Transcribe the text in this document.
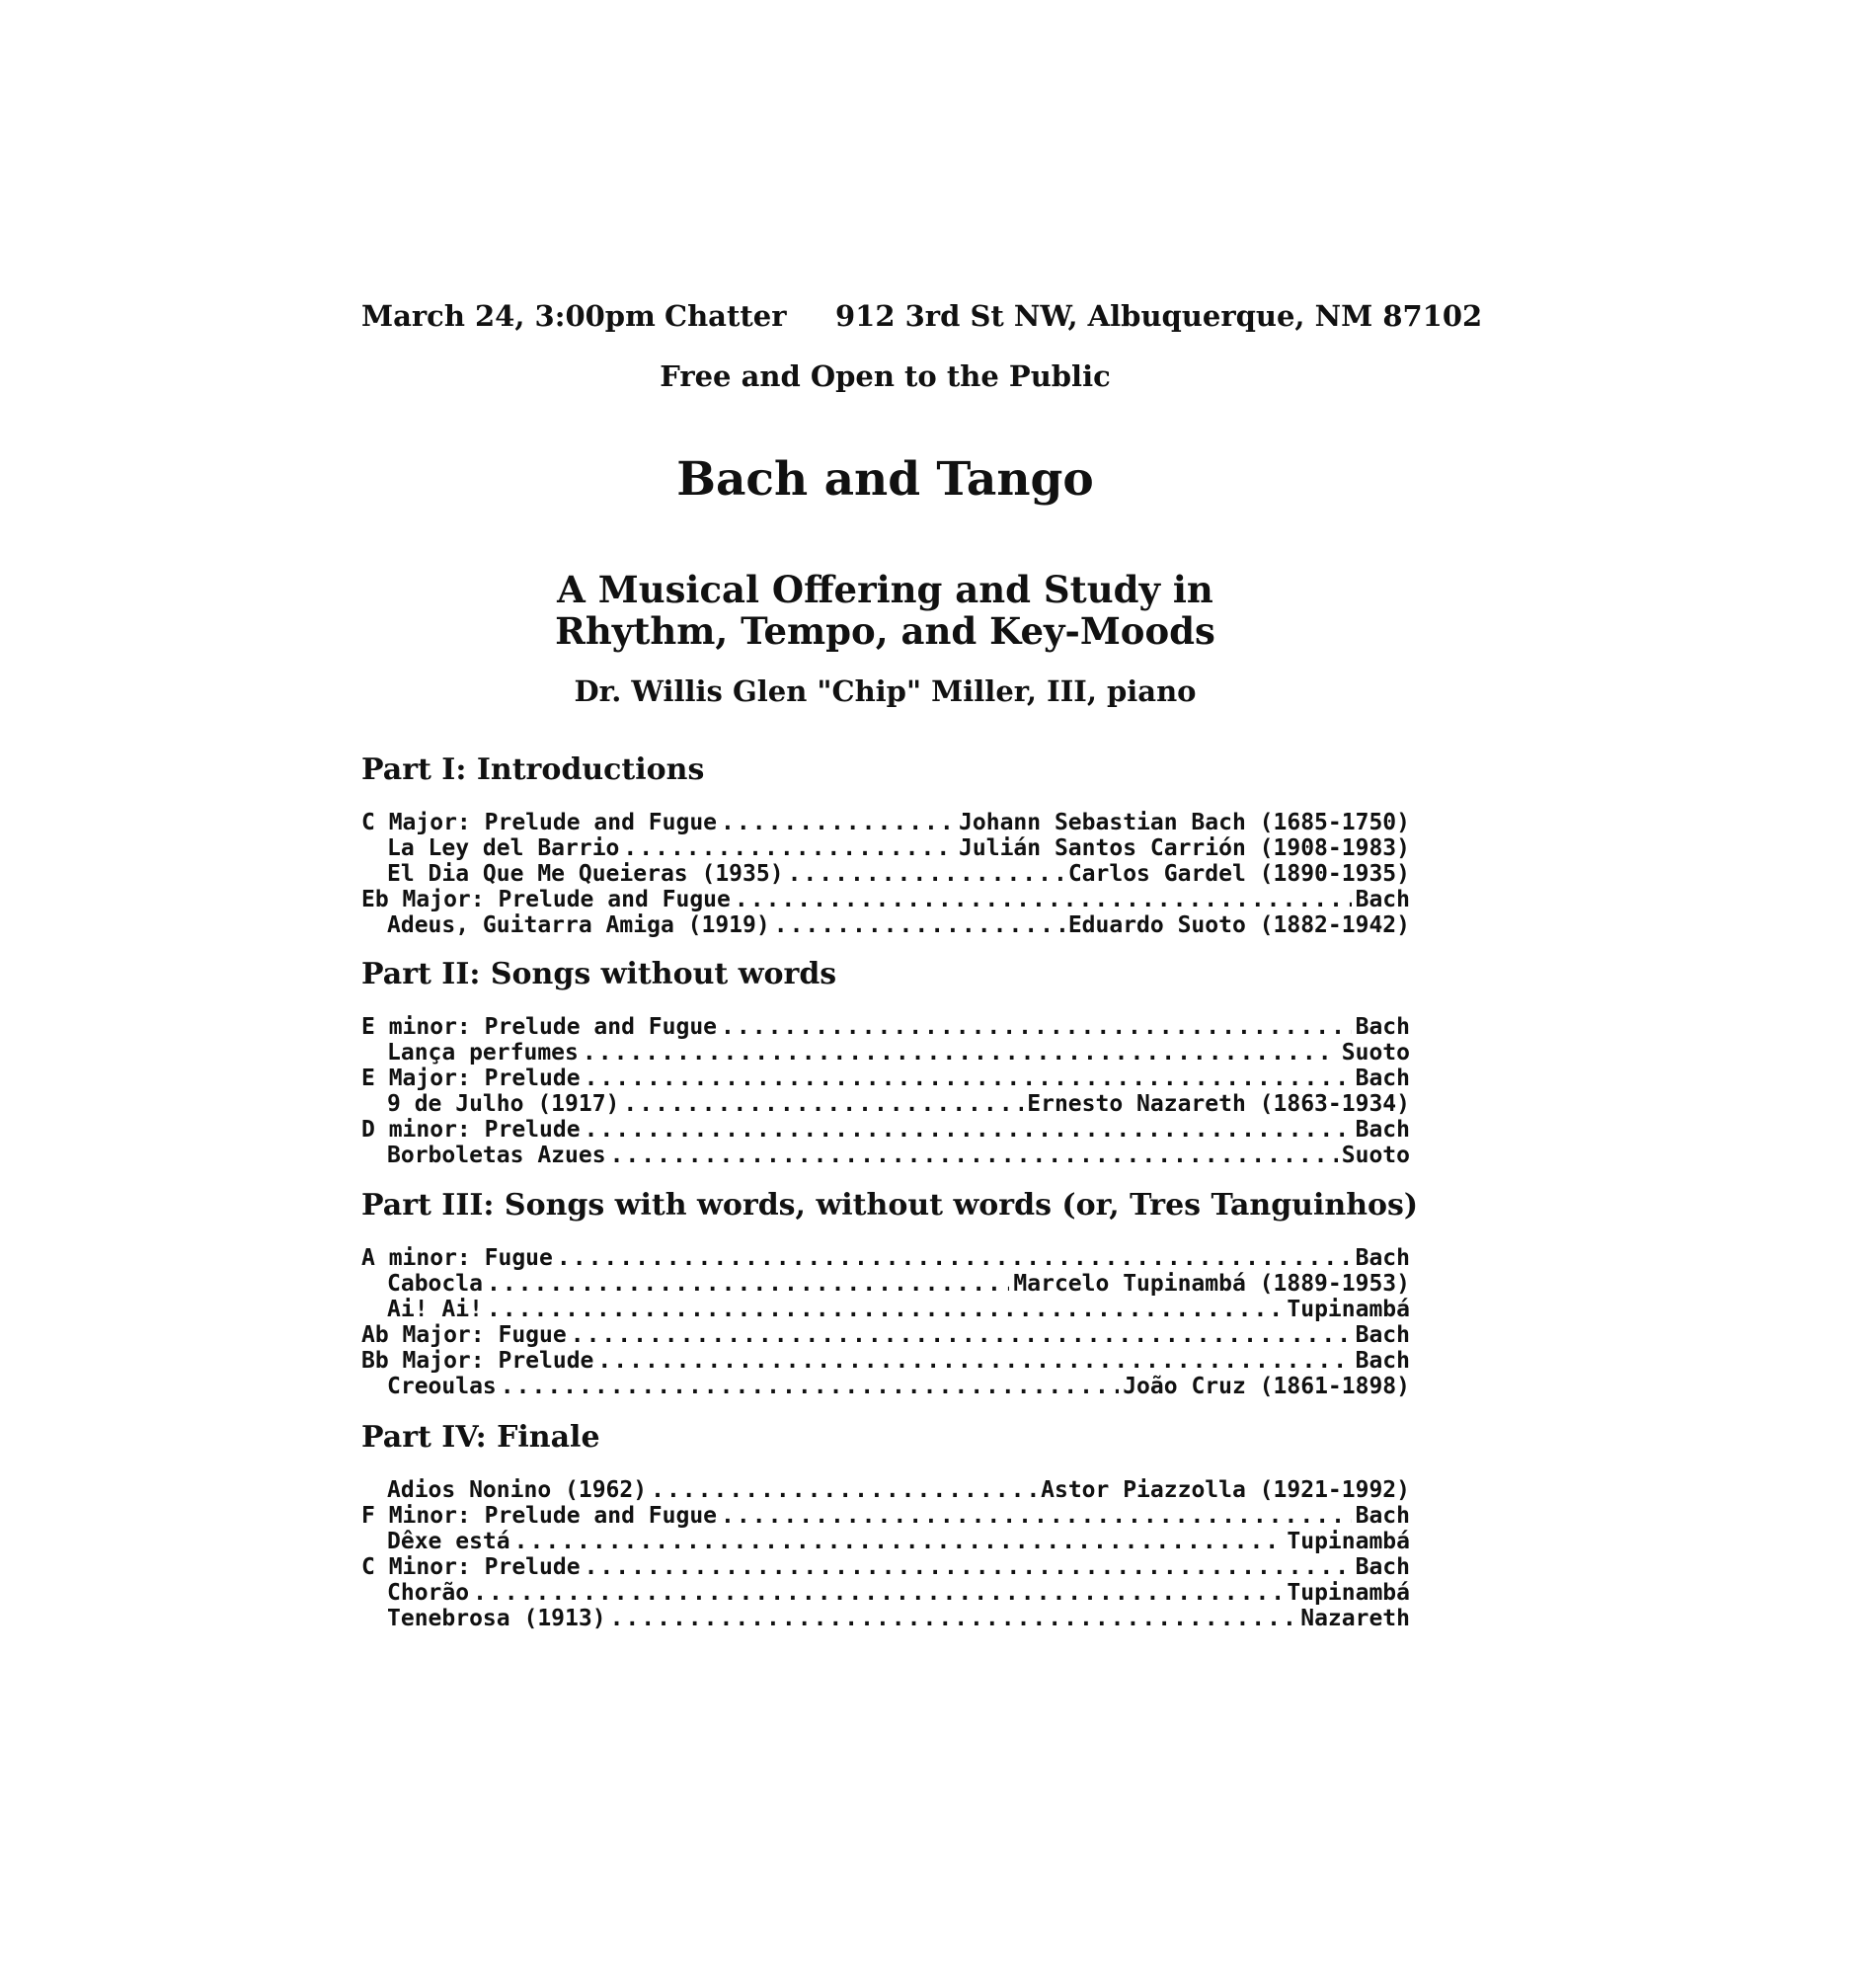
March 24, 3:00pm Chatter 912 3rd St NW, Albuquerque, NM 87102
Free and Open to the Public
Bach and Tango
A Musical Offering and Study in
Rhythm, Tempo, and Key-Moods
Dr. Willis Glen "Chip" Miller, III, piano
Part I: Introductions
C Major: Prelude and Fugue .....	Johann Sebastian Bach (1685-1750)
La Ley del Barrio .....	Julián Santos Carrión (1908-1983)
El Dia Que Me Queieras (1935) .....	Carlos Gardel (1890-1935)
Eb Major: Prelude and Fugue .....	Bach
Adeus, Guitarra Amiga (1919) .....	Eduardo Suoto (1882-1942)
Part II: Songs without words
E minor: Prelude and Fugue .....	Bach
Lança perfumes .....	Suoto
E Major: Prelude .....	Bach
9 de Julho (1917) .....	Ernesto Nazareth (1863-1934)
D minor: Prelude .....	Bach
Borboletas Azues .....	Suoto
Part III: Songs with words, without words (or, Tres Tanguinhos)
A minor: Fugue .....	Bach
Cabocla .....	Marcelo Tupinambá (1889-1953)
Ai! Ai! .....	Tupinambá
Ab Major: Fugue .....	Bach
Bb Major: Prelude .....	Bach
Creoulas .....	João Cruz (1861-1898)
Part IV: Finale
Adios Nonino (1962) .....	Astor Piazzolla (1921-1992)
F Minor: Prelude and Fugue .....	Bach
Dêxe está .....	Tupinambá
C Minor: Prelude .....	Bach
Chorão .....	Tupinambá
Tenebrosa (1913) .....	Nazareth
